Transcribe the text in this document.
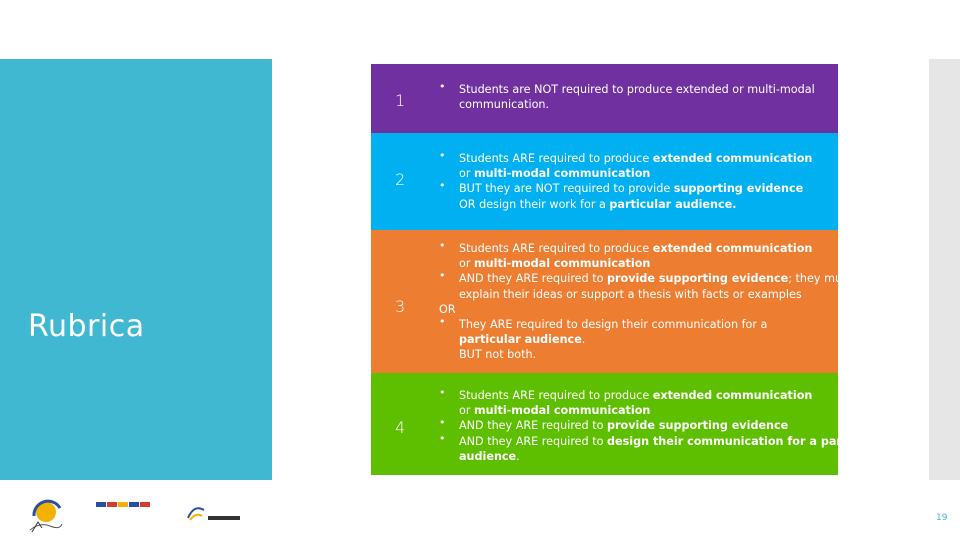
Rubrica
1
• Students are NOT required to produce extended or multi-modal
communication.
2
• Students ARE required to produce extended communication
or multi-modal communication
• BUT they are NOT required to provide supporting evidence
OR design their work for a particular audience.
3
• Students ARE required to produce extended communication
or multi-modal communication
• AND they ARE required to provide supporting evidence; they must
explain their ideas or support a thesis with facts or examples
OR
• They ARE required to design their communication for a
particular audience.
BUT not both.
4
• Students ARE required to produce extended communication
or multi-modal communication
• AND they ARE required to provide supporting evidence
• AND they ARE required to design their communication for a particular
audience.
19
